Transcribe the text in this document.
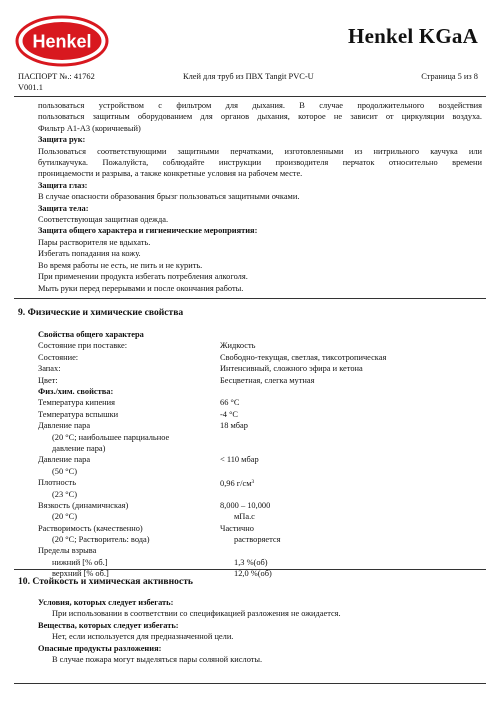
Henkel	Henkel KGaA
ПАСПОРТ №.: 41762
V001.1
Клей для труб из ПВХ Tangit PVC-U	Страница 5 из 8
пользоваться устройством с фильтром для дыхания. В случае продолжительного воздействия
пользоваться защитным оборудованием для органов дыхания, которое не зависит от циркуляции воздуха.
Фильтр А1-А3 (коричневый)
Защита рук:
Пользоваться соответствующими защитными перчатками, изготовленными из нитрильного каучука или
бутилкаучука. Пожалуйста, соблюдайте инструкции производителя перчаток относительно времени
проницаемости и разрыва, а также конкретные условия на рабочем месте.
Защита глаз:
В случае опасности образования брызг пользоваться защитными очками.
Защита тела:
Соответствующая защитная одежда.
Защита общего характера и гигиенические мероприятия:
Пары растворителя не вдыхать.
Избегать попадания на кожу.
Во время работы не есть, не пить и не курить.
При применении продукта избегать потребления алкоголя.
Мыть руки перед перерывами и после окончания работы.
9. Физические и химические свойства
Свойства общего характера
Состояние при поставке:	Жидкость
Состояние:	Свободно-текущая, светлая, тиксотропическая
Запах:	Интенсивный, сложного эфира и кетона
Цвет:	Бесцветная, слегка мутная
Физ./хим. свойства:
Температура кипения	66 °C
Температура вспышки	-4 °C
Давление пара	18 мбар
(20 °C; наибольшее парциальное
давление пара)
Давление пара	< 110 мбар
(50 °C)
Плотность	0,96 $г/см^3$
(23 °C)
Вязкость (динамичнская)	8,000 – 10,000
(20 °C)	мПа.с
Растворимость (качественно)	Частично
(20 °C; Растворитель: вода)	растворяется
Пределы взрыва
нижний [% об.]	1,3 %(об)
верхний [% об.]	12,0 %(об)
10. Стойкость и химическая активность
Условия, которых следует избегать:
При использовании в соответствии со спецификацией разложения не ожидается.
Вещества, которых следует избегать:
Нет, если используется для предназначенной цели.
Опасные продукты разложения:
В случае пожара могут выделяться пары соляной кислоты.
